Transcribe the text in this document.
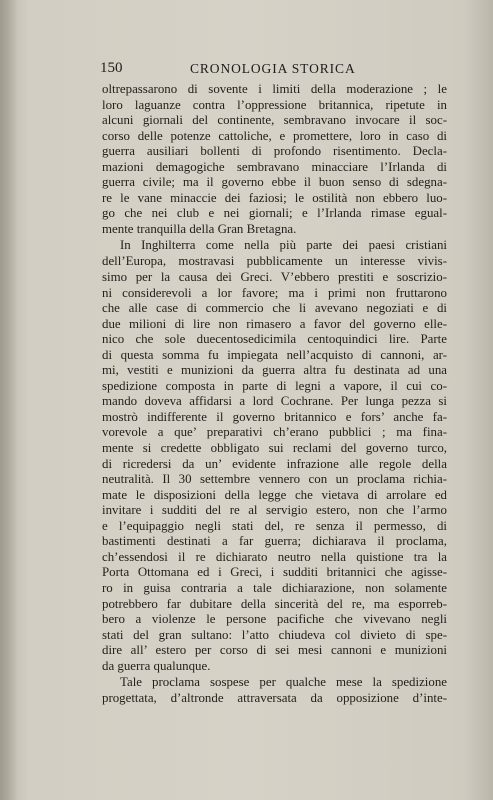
150	CRONOLOGIA STORICA
oltrepassarono di sovente i limiti della moderazione ; le
loro laguanze contra l’oppressione britannica, ripetute in
alcuni giornali del continente, sembravano invocare il soc-
corso delle potenze cattoliche, e promettere, loro in caso di
guerra ausiliari bollenti di profondo risentimento. Decla-
mazioni demagogiche sembravano minacciare l’Irlanda di
guerra civile; ma il governo ebbe il buon senso di sdegna-
re le vane minaccie dei faziosi; le ostilità non ebbero luo-
go che nei club e nei giornali; e l’Irlanda rimase egual-
mente tranquilla della Gran Bretagna.
In Inghilterra come nella più parte dei paesi cristiani
dell’Europa, mostravasi pubblicamente un interesse vivis-
simo per la causa dei Greci. V’ebbero prestiti e soscrizio-
ni considerevoli a lor favore; ma i primi non fruttarono
che alle case di commercio che li avevano negoziati e di
due milioni di lire non rimasero a favor del governo elle-
nico che sole duecentosedicimila centoquindici lire. Parte
di questa somma fu impiegata nell’acquisto di cannoni, ar-
mi, vestiti e munizioni da guerra altra fu destinata ad una
spedizione composta in parte di legni a vapore, il cui co-
mando doveva affidarsi a lord Cochrane. Per lunga pezza si
mostrò indifferente il governo britannico e fors’ anche fa-
vorevole a que’ preparativi ch’erano pubblici ; ma fina-
mente si credette obbligato sui reclami del governo turco,
di ricredersi da un’ evidente infrazione alle regole della
neutralità. Il 30 settembre vennero con un proclama richia-
mate le disposizioni della legge che vietava di arrolare ed
invitare i sudditi del re al servigio estero, non che l’armo
e l’equipaggio negli stati del, re senza il permesso, di
bastimenti destinati a far guerra; dichiarava il proclama,
ch’essendosi il re dichiarato neutro nella quistione tra la
Porta Ottomana ed i Greci, i sudditi britannici che agisse-
ro in guisa contraria a tale dichiarazione, non solamente
potrebbero far dubitare della sincerità del re, ma esporreb-
bero a violenze le persone pacifiche che vivevano negli
stati del gran sultano: l’atto chiudeva col divieto di spe-
dire all’ estero per corso di sei mesi cannoni e munizioni
da guerra qualunque.
Tale proclama sospese per qualche mese la spedizione
progettata, d’altronde attraversata da opposizione d’inte-
